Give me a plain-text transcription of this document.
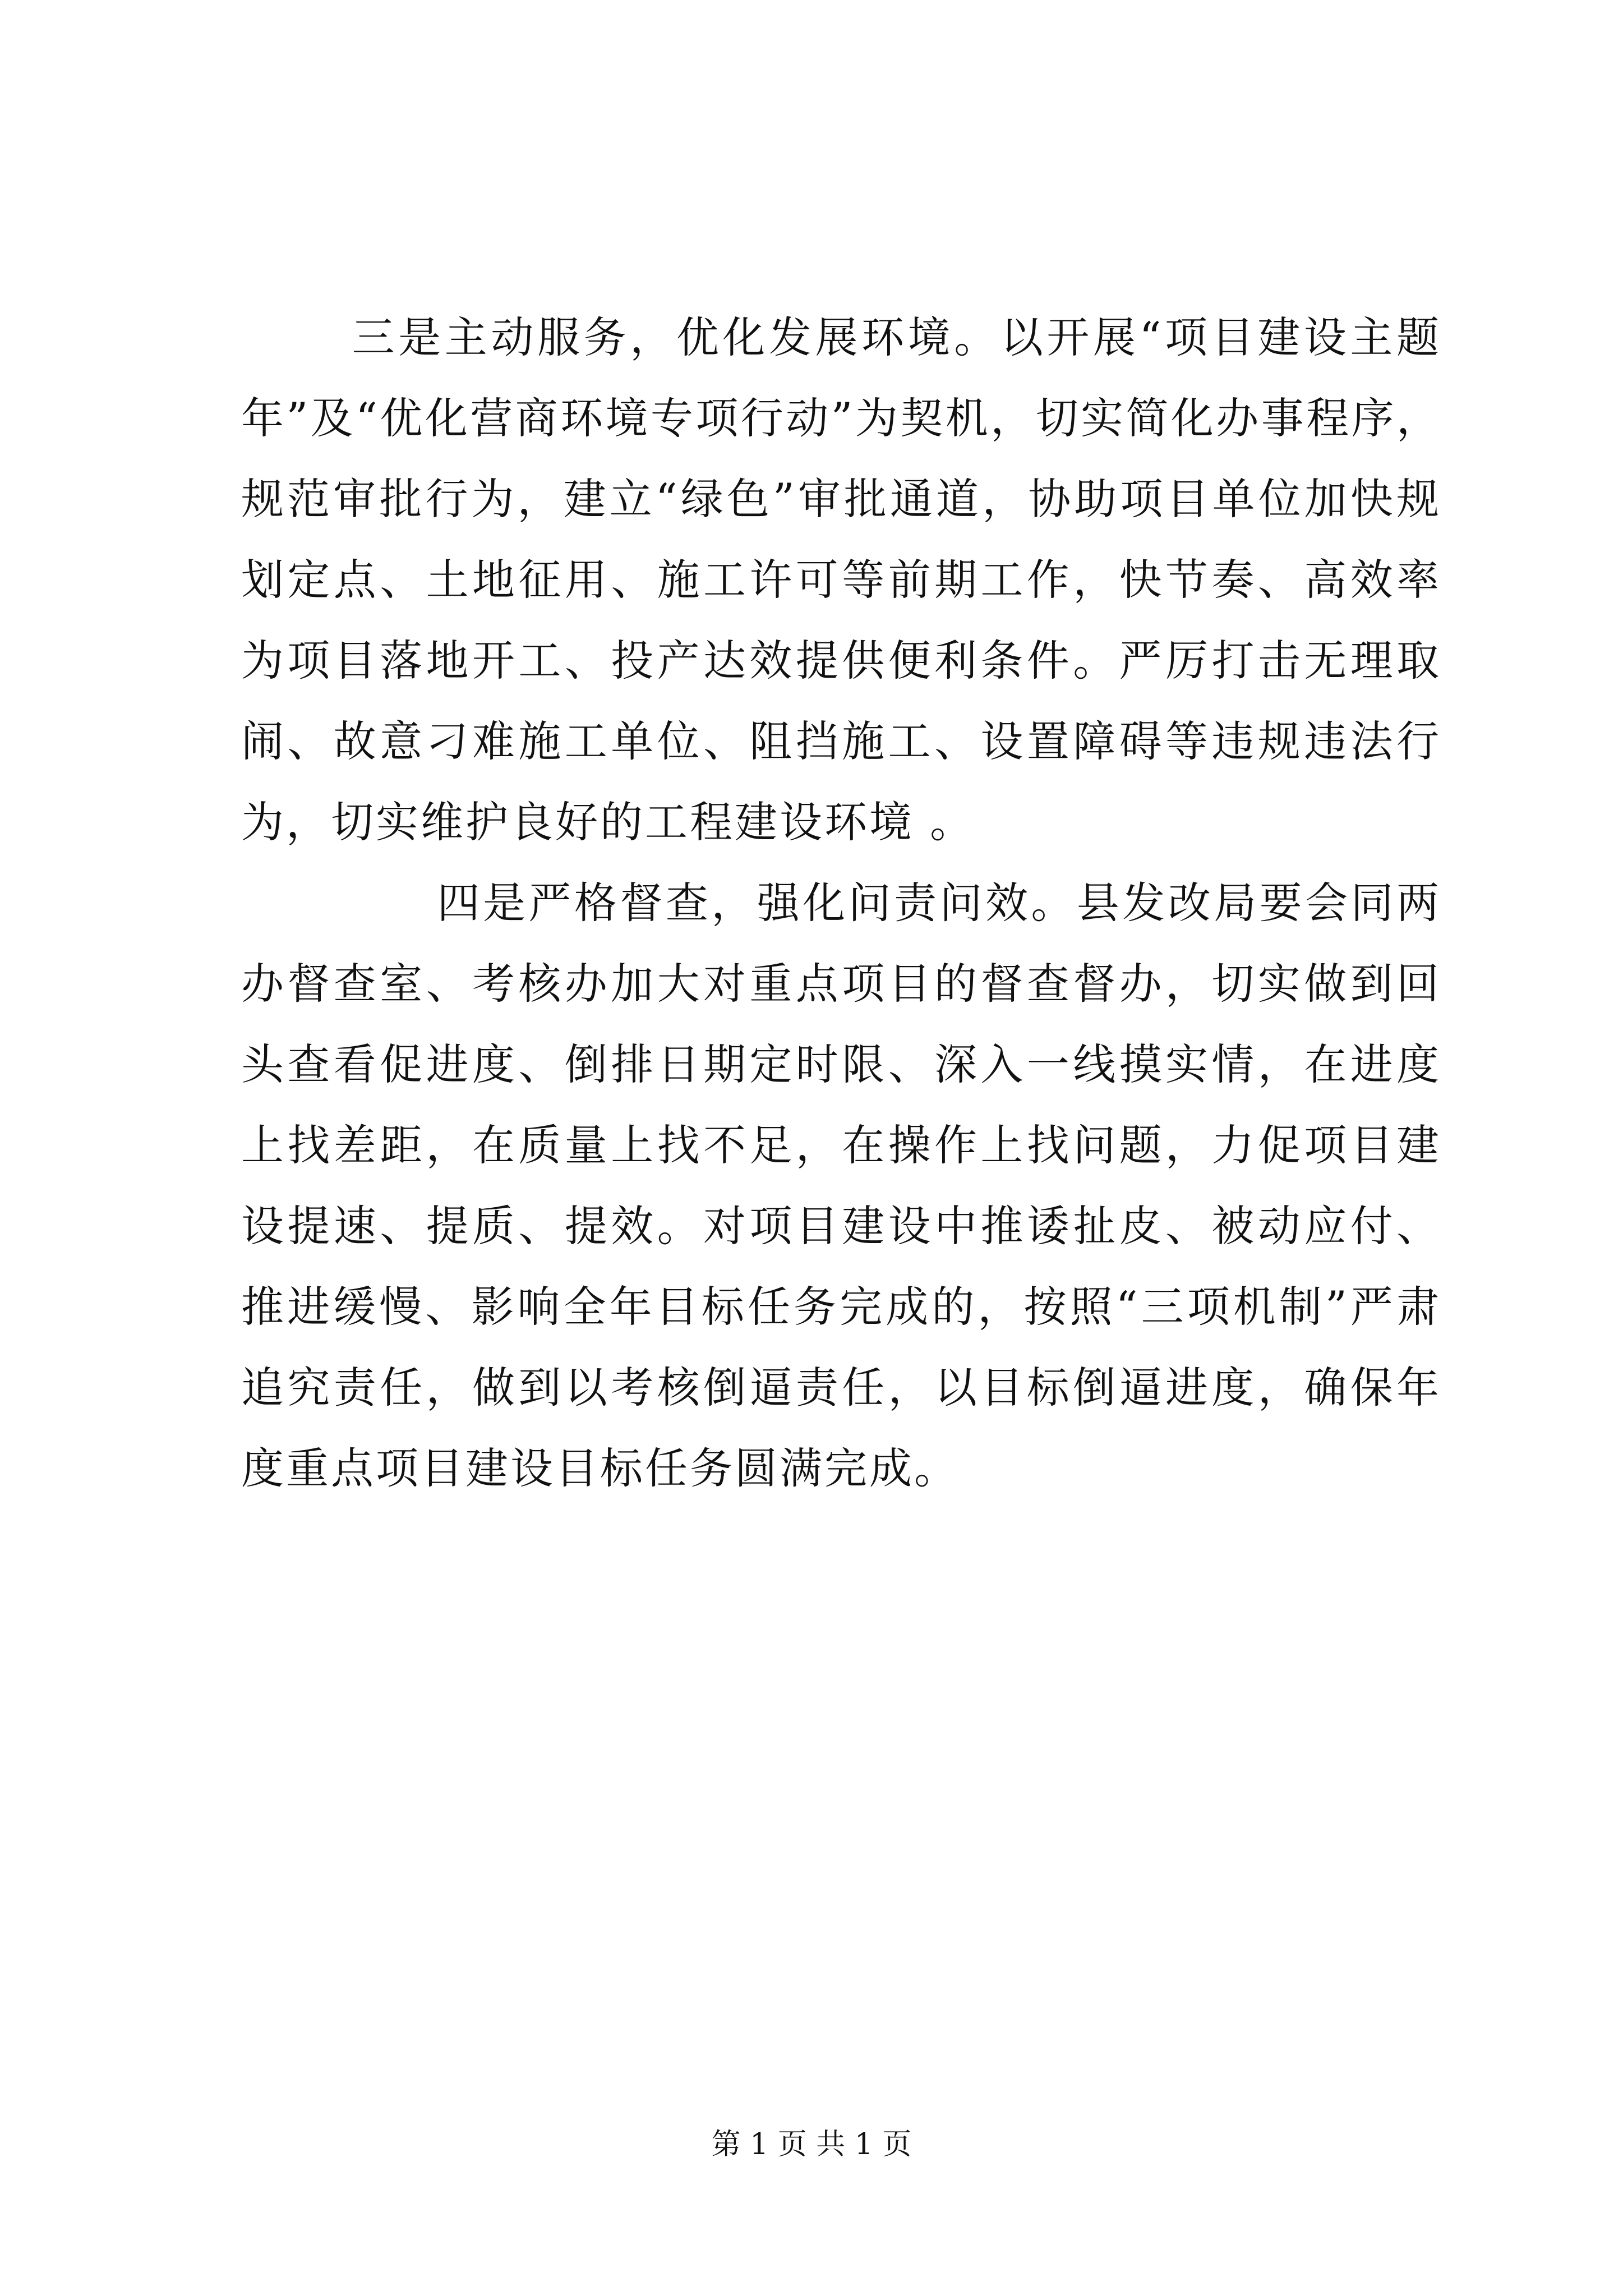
三是主动服务，优化发展环境。以开展“项目建设主题年”及“优化营商环境专项行动”为契机，切实简化办事程序，规范审批行为，建立“绿色”审批通道，协助项目单位加快规划定点、土地征用、施工许可等前期工作，快节奏、高效率为项目落地开工、投产达效提供便利条件。严厉打击无理取闹、故意刁难施工单位、阻挡施工、设置障碍等违规违法行为，切实维护良好的工程建设环境 。

四是严格督查，强化问责问效。县发改局要会同两办督查室、考核办加大对重点项目的督查督办，切实做到回头查看促进度、倒排日期定时限、深入一线摸实情，在进度上找差距，在质量上找不足，在操作上找问题，力促项目建设提速、提质、提效。对项目建设中推诿扯皮、被动应付、推进缓慢、影响全年目标任务完成的，按照“三项机制”严肃追究责任，做到以考核倒逼责任，以目标倒逼进度，确保年度重点项目建设目标任务圆满完成。

第 1 页 共 1 页
